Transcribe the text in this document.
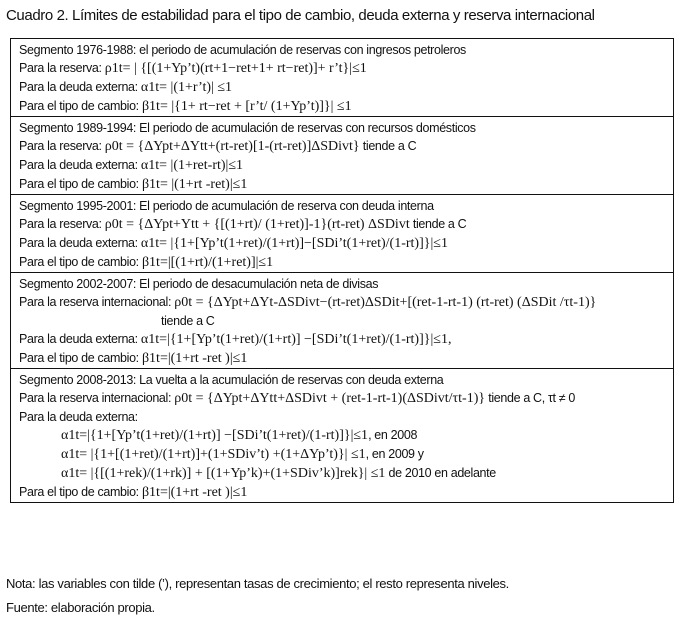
Cuadro 2. Límites de estabilidad para el tipo de cambio, deuda externa y reserva internacional
Segmento 1976-1988: el periodo de acumulación de reservas con ingresos petroleros
Para la reserva: ρ1t= | {[(1+Yp’t)(rt+1−ret+1+ rt−ret)]+ r’t}|≤1
Para la deuda externa: α1t= |(1+r’t)| ≤1
Para el tipo de cambio: β1t= |{1+ rt−ret + [r’t/ (1+Yp’t)]}| ≤1
Segmento 1989-1994: El periodo de acumulación de reservas con recursos domésticos
Para la reserva: ρ0t = {ΔYpt+ΔYtt+(rt-ret)[1-(rt-ret)]ΔSDivt} tiende a C
Para la deuda externa: α1t= |(1+ret-rt)|≤1
Para el tipo de cambio: β1t= |(1+rt -ret)|≤1
Segmento 1995-2001: El periodo de acumulación de reserva con deuda interna
Para la reserva: ρ0t = {ΔYpt+Ytt + {[(1+rt)/ (1+ret)]-1}(rt-ret) ΔSDivt tiende a C
Para la deuda externa: α1t= |{1+[Yp’t(1+ret)/(1+rt)]−[SDi’t(1+ret)/(1-rt)]}|≤1
Para el tipo de cambio: β1t=|[(1+rt)/(1+ret)]|≤1
Segmento 2002-2007: El periodo de desacumulación neta de divisas
Para la reserva internacional: ρ0t = {ΔYpt+ΔYt-ΔSDivt−(rt-ret)ΔSDit+[(ret-1-rt-1) (rt-ret) (ΔSDit /τt-1)}
tiende a C
Para la deuda externa: α1t=|{1+[Yp’t(1+ret)/(1+rt)] −[SDi’t(1+ret)/(1-rt)]}|≤1,
Para el tipo de cambio: β1t=|(1+rt -ret )|≤1
Segmento 2008-2013: La vuelta a la acumulación de reservas con deuda externa
Para la reserva internacional: ρ0t = {ΔYpt+ΔYtt+ΔSDivt + (ret-1-rt-1)(ΔSDivt/τt-1)} tiende a C, τt ≠ 0
Para la deuda externa:
α1t=|{1+[Yp’t(1+ret)/(1+rt)] −[SDi’t(1+ret)/(1-rt)]}|≤1, en 2008
α1t= |{1+[(1+ret)/(1+rt)]+(1+SDiv’t) +(1+ΔYp’t)}| ≤1, en 2009 y
α1t= |{[(1+rek)/(1+rk)] + [(1+Yp’k)+(1+SDiv’k)]rek}| ≤1 de 2010 en adelante
Para el tipo de cambio: β1t=|(1+rt -ret )|≤1
Nota: las variables con tilde (’), representan tasas de crecimiento; el resto representa niveles.
Fuente: elaboración propia.
